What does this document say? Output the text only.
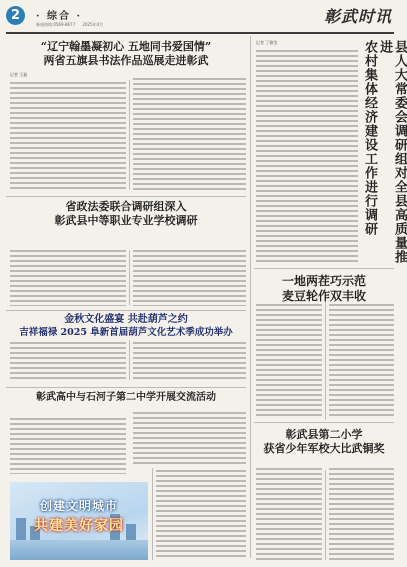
2	· 综合 ·
新闻热线:0569-8677 2025年4月	彰武时讯
“辽宁翰墨凝初心 五地同书爱国情”
两省五旗县书法作品巡展走进彰武
记者 王磊
省政法委联合调研组深入
彰武县中等职业专业学校调研
金秋文化盛宴 共赴葫芦之约
吉祥福禄 2025 阜新首届葫芦文化艺术季成功举办
彰武高中与石河子第二中学开展交流活动
创建文明城市
共建美好家园
记者 丁雅莹	县人大常委会调研组对全县高质量推进
农村集体经济建设工作进行调研
一地两茬巧示范
麦豆轮作双丰收
彰武县第二小学
获省少年军校大比武铜奖
